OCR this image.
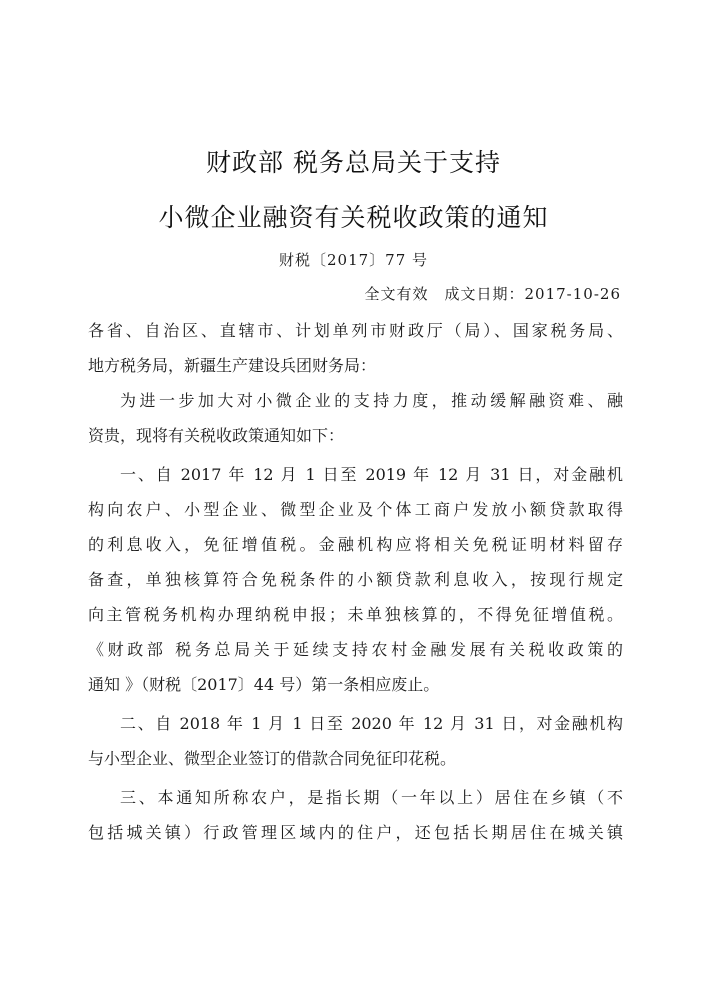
财政部 税务总局关于支持
小微企业融资有关税收政策的通知
财税〔2017〕77 号
全文有效　成文日期：2017-10-26
各省、自治区、直辖市、计划单列市财政厅（局）、国家税务局、
地方税务局，新疆生产建设兵团财务局：
为进一步加大对小微企业的支持力度，推动缓解融资难、融
资贵，现将有关税收政策通知如下：
一、自 2017 年 12 月 1 日至 2019 年 12 月 31 日，对金融机
构向农户、小型企业、微型企业及个体工商户发放小额贷款取得
的利息收入，免征增值税。金融机构应将相关免税证明材料留存
备查，单独核算符合免税条件的小额贷款利息收入，按现行规定
向主管税务机构办理纳税申报；未单独核算的，不得免征增值税。
《财政部 税务总局关于延续支持农村金融发展有关税收政策的
通知 》（财税〔2017〕44 号）第一条相应废止。
二、自 2018 年 1 月 1 日至 2020 年 12 月 31 日，对金融机构
与小型企业、微型企业签订的借款合同免征印花税。
三、本通知所称农户，是指长期（一年以上）居住在乡镇（不
包括城关镇）行政管理区域内的住户，还包括长期居住在城关镇
